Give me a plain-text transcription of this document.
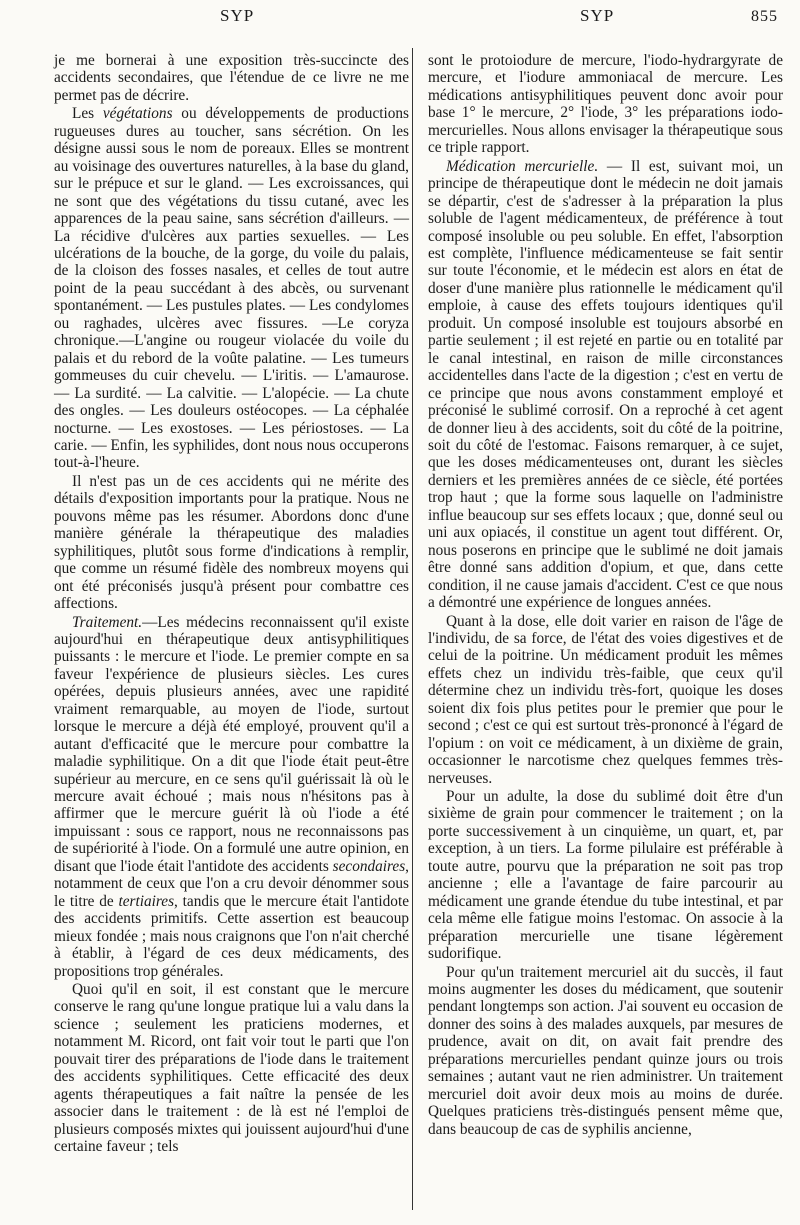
SYP	SYP	855

je me bornerai à une exposition très-succincte des accidents secondaires, que l'étendue de ce livre ne me permet pas de décrire.

Les végétations ou développements de productions rugueuses dures au toucher, sans sécrétion. On les désigne aussi sous le nom de poreaux. Elles se montrent au voisinage des ouvertures naturelles, à la base du gland, sur le prépuce et sur le gland. — Les excroissances, qui ne sont que des végétations du tissu cutané, avec les apparences de la peau saine, sans sécrétion d'ailleurs. — La récidive d'ulcères aux parties sexuelles. — Les ulcérations de la bouche, de la gorge, du voile du palais, de la cloison des fosses nasales, et celles de tout autre point de la peau succédant à des abcès, ou survenant spontanément. — Les pustules plates. — Les condylomes ou raghades, ulcères avec fissures. —Le coryza chronique.—L'angine ou rougeur violacée du voile du palais et du rebord de la voûte palatine. — Les tumeurs gommeuses du cuir chevelu. — L'iritis. — L'amaurose. — La surdité. — La calvitie. — L'alopécie. — La chute des ongles. — Les douleurs ostéocopes. — La céphalée nocturne. — Les exostoses. — Les périostoses. — La carie. — Enfin, les syphilides, dont nous nous occuperons tout-à-l'heure.

Il n'est pas un de ces accidents qui ne mérite des détails d'exposition importants pour la pratique. Nous ne pouvons même pas les résumer. Abordons donc d'une manière générale la thérapeutique des maladies syphilitiques, plutôt sous forme d'indications à remplir, que comme un résumé fidèle des nombreux moyens qui ont été préconisés jusqu'à présent pour combattre ces affections.

Traitement.—Les médecins reconnaissent qu'il existe aujourd'hui en thérapeutique deux antisyphilitiques puissants : le mercure et l'iode. Le premier compte en sa faveur l'expérience de plusieurs siècles. Les cures opérées, depuis plusieurs années, avec une rapidité vraiment remarquable, au moyen de l'iode, surtout lorsque le mercure a déjà été employé, prouvent qu'il a autant d'efficacité que le mercure pour combattre la maladie syphilitique. On a dit que l'iode était peut-être supérieur au mercure, en ce sens qu'il guérissait là où le mercure avait échoué ; mais nous n'hésitons pas à affirmer que le mercure guérit là où l'iode a été impuissant : sous ce rapport, nous ne reconnaissons pas de supériorité à l'iode. On a formulé une autre opinion, en disant que l'iode était l'antidote des accidents secondaires, notamment de ceux que l'on a cru devoir dénommer sous le titre de tertiaires, tandis que le mercure était l'antidote des accidents primitifs. Cette assertion est beaucoup mieux fondée ; mais nous craignons que l'on n'ait cherché à établir, à l'égard de ces deux médicaments, des propositions trop générales.

Quoi qu'il en soit, il est constant que le mercure conserve le rang qu'une longue pratique lui a valu dans la science ; seulement les praticiens modernes, et notamment M. Ricord, ont fait voir tout le parti que l'on pouvait tirer des préparations de l'iode dans le traitement des accidents syphilitiques. Cette efficacité des deux agents thérapeutiques a fait naître la pensée de les associer dans le traitement : de là est né l'emploi de plusieurs composés mixtes qui jouissent aujourd'hui d'une certaine faveur ; tels

sont le protoiodure de mercure, l'iodo-hydrargyrate de mercure, et l'iodure ammoniacal de mercure. Les médications antisyphilitiques peuvent donc avoir pour base 1° le mercure, 2° l'iode, 3° les préparations iodo-mercurielles. Nous allons envisager la thérapeutique sous ce triple rapport.

Médication mercurielle. — Il est, suivant moi, un principe de thérapeutique dont le médecin ne doit jamais se départir, c'est de s'adresser à la préparation la plus soluble de l'agent médicamenteux, de préférence à tout composé insoluble ou peu soluble. En effet, l'absorption est complète, l'influence médicamenteuse se fait sentir sur toute l'économie, et le médecin est alors en état de doser d'une manière plus rationnelle le médicament qu'il emploie, à cause des effets toujours identiques qu'il produit. Un composé insoluble est toujours absorbé en partie seulement ; il est rejeté en partie ou en totalité par le canal intestinal, en raison de mille circonstances accidentelles dans l'acte de la digestion ; c'est en vertu de ce principe que nous avons constamment employé et préconisé le sublimé corrosif. On a reproché à cet agent de donner lieu à des accidents, soit du côté de la poitrine, soit du côté de l'estomac. Faisons remarquer, à ce sujet, que les doses médicamenteuses ont, durant les siècles derniers et les premières années de ce siècle, été portées trop haut ; que la forme sous laquelle on l'administre influe beaucoup sur ses effets locaux ; que, donné seul ou uni aux opiacés, il constitue un agent tout différent. Or, nous poserons en principe que le sublimé ne doit jamais être donné sans addition d'opium, et que, dans cette condition, il ne cause jamais d'accident. C'est ce que nous a démontré une expérience de longues années.

Quant à la dose, elle doit varier en raison de l'âge de l'individu, de sa force, de l'état des voies digestives et de celui de la poitrine. Un médicament produit les mêmes effets chez un individu très-faible, que ceux qu'il détermine chez un individu très-fort, quoique les doses soient dix fois plus petites pour le premier que pour le second ; c'est ce qui est surtout très-prononcé à l'égard de l'opium : on voit ce médicament, à un dixième de grain, occasionner le narcotisme chez quelques femmes très-nerveuses.

Pour un adulte, la dose du sublimé doit être d'un sixième de grain pour commencer le traitement ; on la porte successivement à un cinquième, un quart, et, par exception, à un tiers. La forme pilulaire est préférable à toute autre, pourvu que la préparation ne soit pas trop ancienne ; elle a l'avantage de faire parcourir au médicament une grande étendue du tube intestinal, et par cela même elle fatigue moins l'estomac. On associe à la préparation mercurielle une tisane légèrement sudorifique.

Pour qu'un traitement mercuriel ait du succès, il faut moins augmenter les doses du médicament, que soutenir pendant longtemps son action. J'ai souvent eu occasion de donner des soins à des malades auxquels, par mesures de prudence, avait on dit, on avait fait prendre des préparations mercurielles pendant quinze jours ou trois semaines ; autant vaut ne rien administrer. Un traitement mercuriel doit avoir deux mois au moins de durée. Quelques praticiens très-distingués pensent même que, dans beaucoup de cas de syphilis ancienne,
